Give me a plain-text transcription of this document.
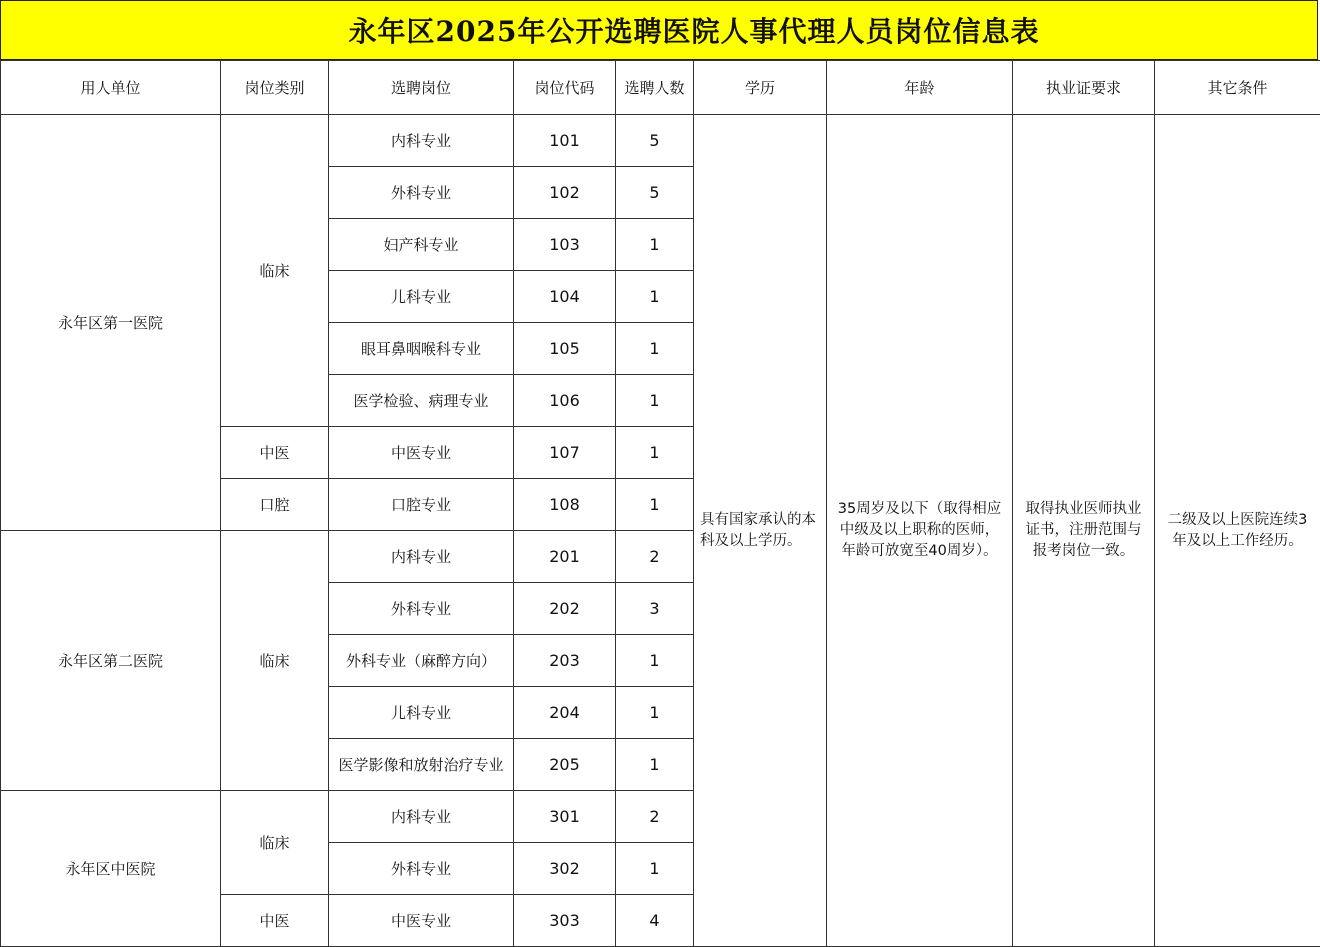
永年区2025年公开选聘医院人事代理人员岗位信息表
用人单位	岗位类别	选聘岗位	岗位代码	选聘人数	学历	年龄	执业证要求	其它条件
永年区第一医院	临床	内科专业	101	5	具有国家承认的本科及以上学历。	35周岁及以下（取得相应中级及以上职称的医师，年龄可放宽至40周岁）。	取得执业医师执业证书，注册范围与报考岗位一致。	二级及以上医院连续3年及以上工作经历。
		外科专业	102	5				
		妇产科专业	103	1				
		儿科专业	104	1				
		眼耳鼻咽喉科专业	105	1				
		医学检验、病理专业	106	1				
	中医	中医专业	107	1				
	口腔	口腔专业	108	1				
永年区第二医院	临床	内科专业	201	2				
		外科专业	202	3				
		外科专业（麻醉方向）	203	1				
		儿科专业	204	1				
		医学影像和放射治疗专业	205	1				
永年区中医院	临床	内科专业	301	2				
		外科专业	302	1				
	中医	中医专业	303	4				
